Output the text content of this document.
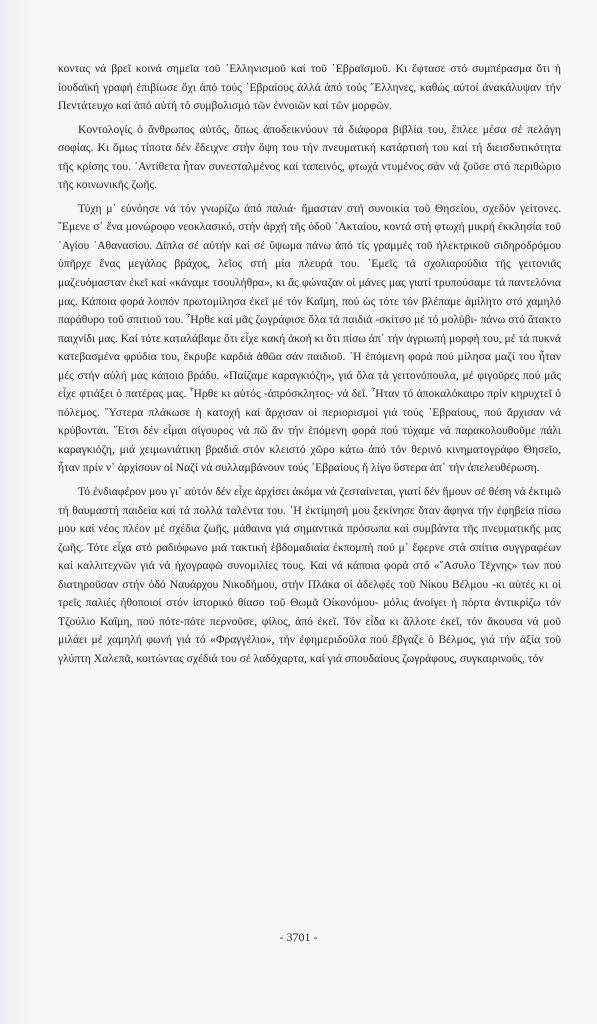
κοντας νά βρεῖ κοινά σημεῖα τοῦ ῾Ελληνισμοῦ καί τοῦ ῾Εβραϊσμοῦ. Κι ἔφτασε στό συμπέρασμα ὅτι ἡ ἰουδαϊκή γραφή ἐπιβίωσε ὄχι ἀπό τούς ῾Εβραίους ἀλλά ἀπό τούς ῞Ελληνες, καθώς αὐτοί ἀνακάλυψαν τήν Πεντάτευχο καί ἀπό αὐτή τό συμβολισμό τῶν ἐννοιῶν καί τῶν μορφῶν.

Κοντολογίς ὁ ἄνθρωπος αὐτός, ὅπως ἀποδεικνύουν τά διάφορα βιβλία του, ἔπλεε μέσα σέ πελάγη σοφίας. Κι ὅμως τίποτα δέν ἔδειχνε στήν ὄψη του τήν πνευματική κατάρτισή του καί τή διεισδυτικότητα τῆς κρίσης του. ᾿Αντίθετα ἦταν συνεσταλμένος καί ταπεινός, φτωχά ντυμένος σάν νά ζοῦσε στό περιθώριο τῆς κοινωνικῆς ζωῆς.

Τύχη μ᾿ εὐνόησε νά τόν γνωρίζω ἀπό παλιά· ἤμασταν στή συνοικία τοῦ Θησείου, σχεδόν γείτονες. ῎Εμενε σ᾿ ἕνα μονώροφο νεοκλασικό, στήν ἀρχή τῆς ὁδοῦ ᾿Ακταίου, κοντά στή φτωχή μικρή ἐκκλησία τοῦ ῾Αγίου ᾿Αθανασίου. Δίπλα σέ αὐτήν καί σέ ὕψωμα πάνω ἀπό τίς γραμμές τοῦ ἠλεκτρικοῦ σιδηροδρόμου ὑπῆρχε ἕνας μεγάλος βράχος, λεῖος στή μία πλευρά του. ᾿Εμεῖς τά σχολιαρούδια τῆς γειτονιᾶς μαζευόμασταν ἐκεῖ καί «κάναμε τσουλήθρα», κι ἄς φώναζαν οἱ μάνες μας γιατί τρυπούσαμε τά παντελόνια μας. Κάποια φορά λοιπόν πρωτομίλησα ἐκεῖ μέ τόν Καΐμη, πού ὡς τότε τόν βλέπαμε ἀμίλητο στό χαμηλό παράθυρο τοῦ σπιτιοῦ του. ῏Ηρθε καί μᾶς ζωγράφισε ὅλα τά παιδιά -σκίτσο μέ τό μολύβι- πάνω στό ἄτακτο παιχνίδι μας. Καί τότε καταλάβαμε ὅτι εἶχε κακή ἀκοή κι ὅτι πίσω ἀπ᾿ τήν ἀγριωπή μορφή του, μέ τά πυκνά κατεβασμένα φρύδια του, ἔκρυβε καρδιά ἀθῶα σάν παιδιοῦ. ῾Η ἑπόμενη φορά πού μίλησα μαζί του ἦταν μές στήν αὐλή μας κάποιο βράδυ. «Παίζαμε καραγκιόζη», γιά ὅλα τά γειτονόπουλα, μέ φιγοῦρες πού μᾶς εἶχε φτιάξει ὁ πατέρας μας. ῏Ηρθε κι αὐτός -ἀπρόσκλητος- νά δεῖ. ῏Ηταν τό ἀποκαλόκαιρο πρίν κηρυχτεῖ ὁ πόλεμος. ῞Υστερα πλάκωσε ἡ κατοχή καί ἄρχισαν οἱ περιορισμοί γιά τούς ῾Εβραίους, πού ἄρχισαν νά κρύβονται. ῎Ετσι δέν εἶμαι σίγουρος νά πῶ ἄν τήν ἑπόμενη φορά πού τύχαμε νά παρακολουθοῦμε πάλι καραγκιόζη, μιά χειμωνιάτικη βραδιά στόν κλειστό χῶρο κάτω ἀπό τόν θερινό κινηματογράφο Θησεῖο, ἦταν πρίν ν᾿ ἀρχίσουν οἱ Ναζί νά συλλαμβάνουν τούς ῾Εβραίους ἤ λίγο ὕστερα ἀπ᾿ τήν ἀπελευθέρωση.

Τό ἐνδιαφέρον μου γι᾿ αὐτόν δέν εἶχε ἀρχίσει ἀκόμα νά ζεσταίνεται, γιατί δέν ἤμουν σέ θέση νά ἐκτιμῶ τή θαυμαστή παιδεία καί τά πολλά ταλέντα του. ῾Η ἐκτίμησή μου ξεκίνησε ὅταν ἄφηνα τήν ἐφηβεία πίσω μου καί νέος πλέον μέ σχέδια ζωῆς, μάθαινα γιά σημαντικά πρόσωπα καί συμβάντα τῆς πνευματικῆς μας ζωῆς. Τότε εἶχα στό ραδιόφωνο μιά τακτική ἑβδομαδιαία ἐκπομπή πού μ᾿ ἔφερνε στά σπίτια συγγραφέων καί καλλιτεχνῶν γιά νά ἠχογραφῶ συνομιλίες τους. Καί νά κάποια φορά στό «῎Ασυλο Τέχνης» των πού διατηροῦσαν στήν ὁδό Ναυάρχου Νικοδήμου, στήν Πλάκα οἱ ἀδελφές τοῦ Νίκου Βέλμου -κι αὐτές κι οἱ τρεῖς παλιές ἠθοποιοί στόν ἱστορικό θίασο τοῦ Θωμᾶ Οἰκονόμου- μόλις ἀνοίγει ἡ πόρτα ἀντικρίζω τόν Τζούλιο Καΐμη, πού πότε-πότε περνοῦσε, φίλος, ἀπό ἐκεῖ. Τόν εἶδα κι ἄλλοτε ἐκεῖ, τόν ἄκουσα νά μοῦ μιλάει μέ χαμηλή φωνή γιά τό «Φραγγέλιο», τήν ἐφημεριδοῦλα πού ἔβγαζε ὁ Βέλμος, γιά τήν ἀξία τοῦ γλύπτη Χαλεπᾶ, κοιτώντας σχέδιά του σέ λαδόχαρτα, καί γιά σπουδαίους ζωγράφους, συγκαιρινούς, τόν

- 3701 -
